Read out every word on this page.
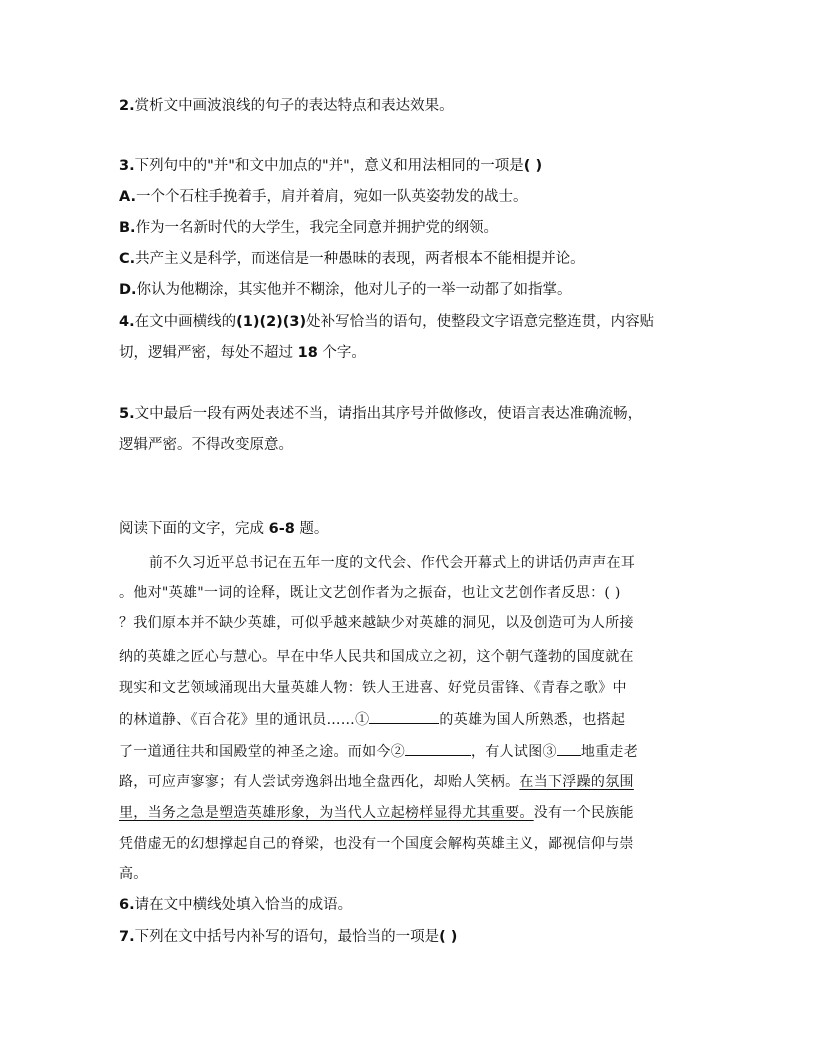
2.赏析文中画波浪线的句子的表达特点和表达效果。
3.下列句中的"并"和文中加点的"并"，意义和用法相同的一项是( )
A.一个个石柱手挽着手，肩并着肩，宛如一队英姿勃发的战士。
B.作为一名新时代的大学生，我完全同意并拥护党的纲领。
C.共产主义是科学，而迷信是一种愚昧的表现，两者根本不能相提并论。
D.你认为他糊涂，其实他并不糊涂，他对儿子的一举一动都了如指掌。
4.在文中画横线的(1)(2)(3)处补写恰当的语句，使整段文字语意完整连贯，内容贴
切，逻辑严密，每处不超过 18 个字。
5.文中最后一段有两处表述不当，请指出其序号并做修改，使语言表达准确流畅，
逻辑严密。不得改变原意。
阅读下面的文字，完成 6-8 题。
前不久习近平总书记在五年一度的文代会、作代会开幕式上的讲话仍声声在耳
。他对"英雄"一词的诠释，既让文艺创作者为之振奋，也让文艺创作者反思：( )
？我们原本并不缺少英雄，可似乎越来越缺少对英雄的洞见，以及创造可为人所接
纳的英雄之匠心与慧心。早在中华人民共和国成立之初，这个朝气蓬勃的国度就在
现实和文艺领域涌现出大量英雄人物：铁人王进喜、好党员雷锋、《青春之歌》中
的林道静、《百合花》里的通讯员……①	的英雄为国人所熟悉，也搭起
了一道通往共和国殿堂的神圣之途。而如今②	，有人试图③ 地重走老
路，可应声寥寥；有人尝试旁逸斜出地全盘西化，却贻人笑柄。在当下浮躁的氛围
里，当务之急是塑造英雄形象，为当代人立起榜样显得尤其重要。没有一个民族能
凭借虚无的幻想撑起自己的脊梁，也没有一个国度会解构英雄主义，鄙视信仰与崇
高。
6.请在文中横线处填入恰当的成语。
7.下列在文中括号内补写的语句，最恰当的一项是( )
